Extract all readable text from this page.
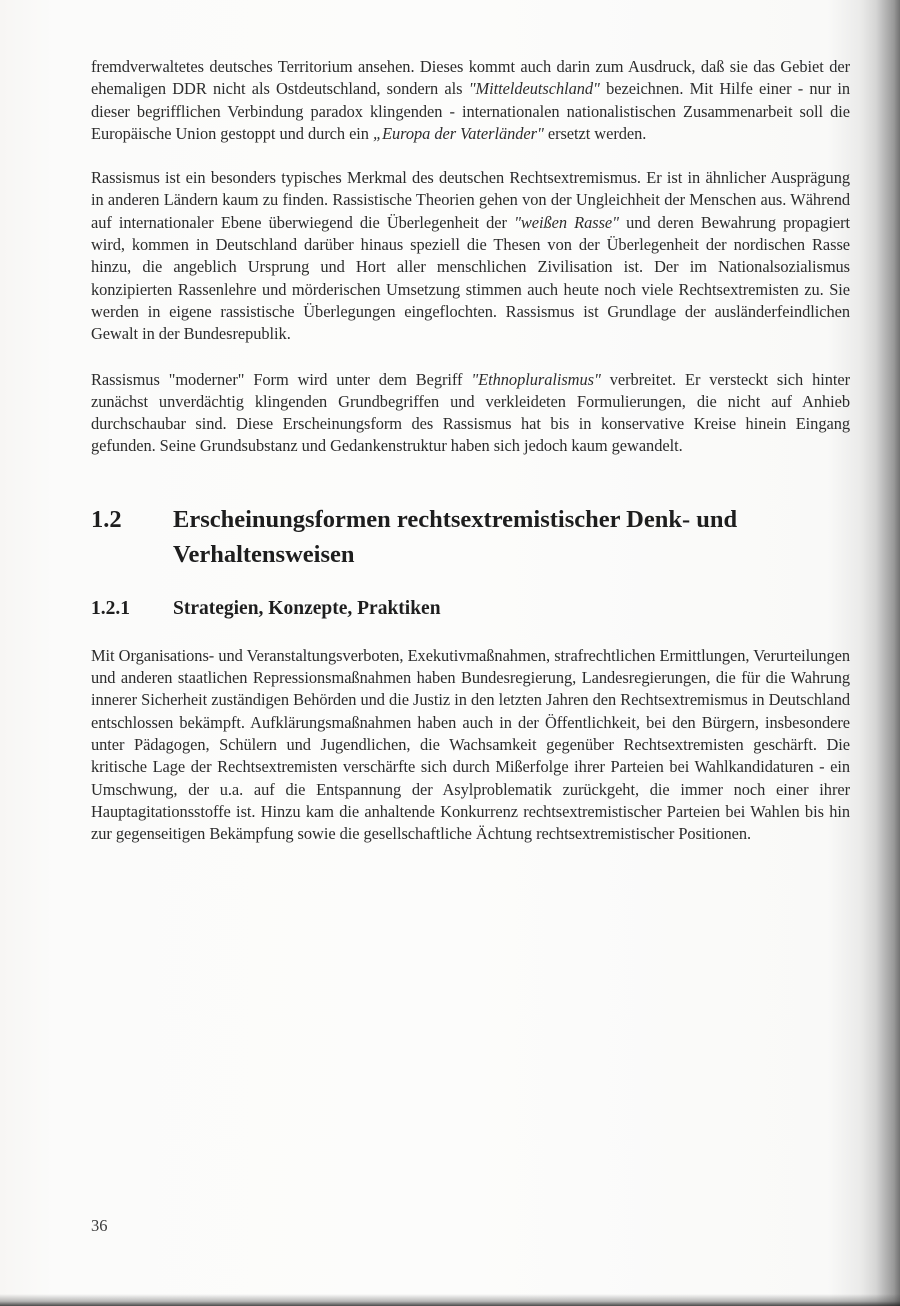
fremdverwaltetes deutsches Territorium ansehen. Dieses kommt auch darin zum Ausdruck, daß sie das Gebiet der ehemaligen DDR nicht als Ostdeutschland, sondern als "Mitteldeutschland" bezeichnen. Mit Hilfe einer - nur in dieser begrifflichen Verbindung paradox klingenden - internationalen nationalistischen Zusammenarbeit soll die Europäische Union gestoppt und durch ein „Europa der Vaterländer" ersetzt werden.

Rassismus ist ein besonders typisches Merkmal des deutschen Rechtsextremismus. Er ist in ähnlicher Ausprägung in anderen Ländern kaum zu finden. Rassistische Theorien gehen von der Ungleichheit der Menschen aus. Während auf internationaler Ebene überwiegend die Überlegenheit der "weißen Rasse" und deren Bewahrung propagiert wird, kommen in Deutschland darüber hinaus speziell die Thesen von der Überlegenheit der nordischen Rasse hinzu, die angeblich Ursprung und Hort aller menschlichen Zivilisation ist. Der im Nationalsozialismus konzipierten Rassenlehre und mörderischen Umsetzung stimmen auch heute noch viele Rechtsextremisten zu. Sie werden in eigene rassistische Überlegungen eingeflochten. Rassismus ist Grundlage der ausländerfeindlichen Gewalt in der Bundesrepublik.

Rassismus "moderner" Form wird unter dem Begriff "Ethnopluralismus" verbreitet. Er versteckt sich hinter zunächst unverdächtig klingenden Grundbegriffen und verkleideten Formulierungen, die nicht auf Anhieb durchschaubar sind. Diese Erscheinungsform des Rassismus hat bis in konservative Kreise hinein Eingang gefunden. Seine Grundsubstanz und Gedankenstruktur haben sich jedoch kaum gewandelt.

1.2	Erscheinungsformen rechtsextremistischer Denk- und Verhaltensweisen
1.2.1	Strategien, Konzepte, Praktiken

Mit Organisations- und Veranstaltungsverboten, Exekutivmaßnahmen, strafrechtlichen Ermittlungen, Verurteilungen und anderen staatlichen Repressionsmaßnahmen haben Bundesregierung, Landesregierungen, die für die Wahrung innerer Sicherheit zuständigen Behörden und die Justiz in den letzten Jahren den Rechtsextremismus in Deutschland entschlossen bekämpft. Aufklärungsmaßnahmen haben auch in der Öffentlichkeit, bei den Bürgern, insbesondere unter Pädagogen, Schülern und Jugendlichen, die Wachsamkeit gegenüber Rechtsextremisten geschärft. Die kritische Lage der Rechtsextremisten verschärfte sich durch Mißerfolge ihrer Parteien bei Wahlkandidaturen - ein Umschwung, der u.a. auf die Entspannung der Asylproblematik zurückgeht, die immer noch einer ihrer Hauptagitationsstoffe ist. Hinzu kam die anhaltende Konkurrenz rechtsextremistischer Parteien bei Wahlen bis hin zur gegenseitigen Bekämpfung sowie die gesellschaftliche Ächtung rechtsextremistischer Positionen.

36
